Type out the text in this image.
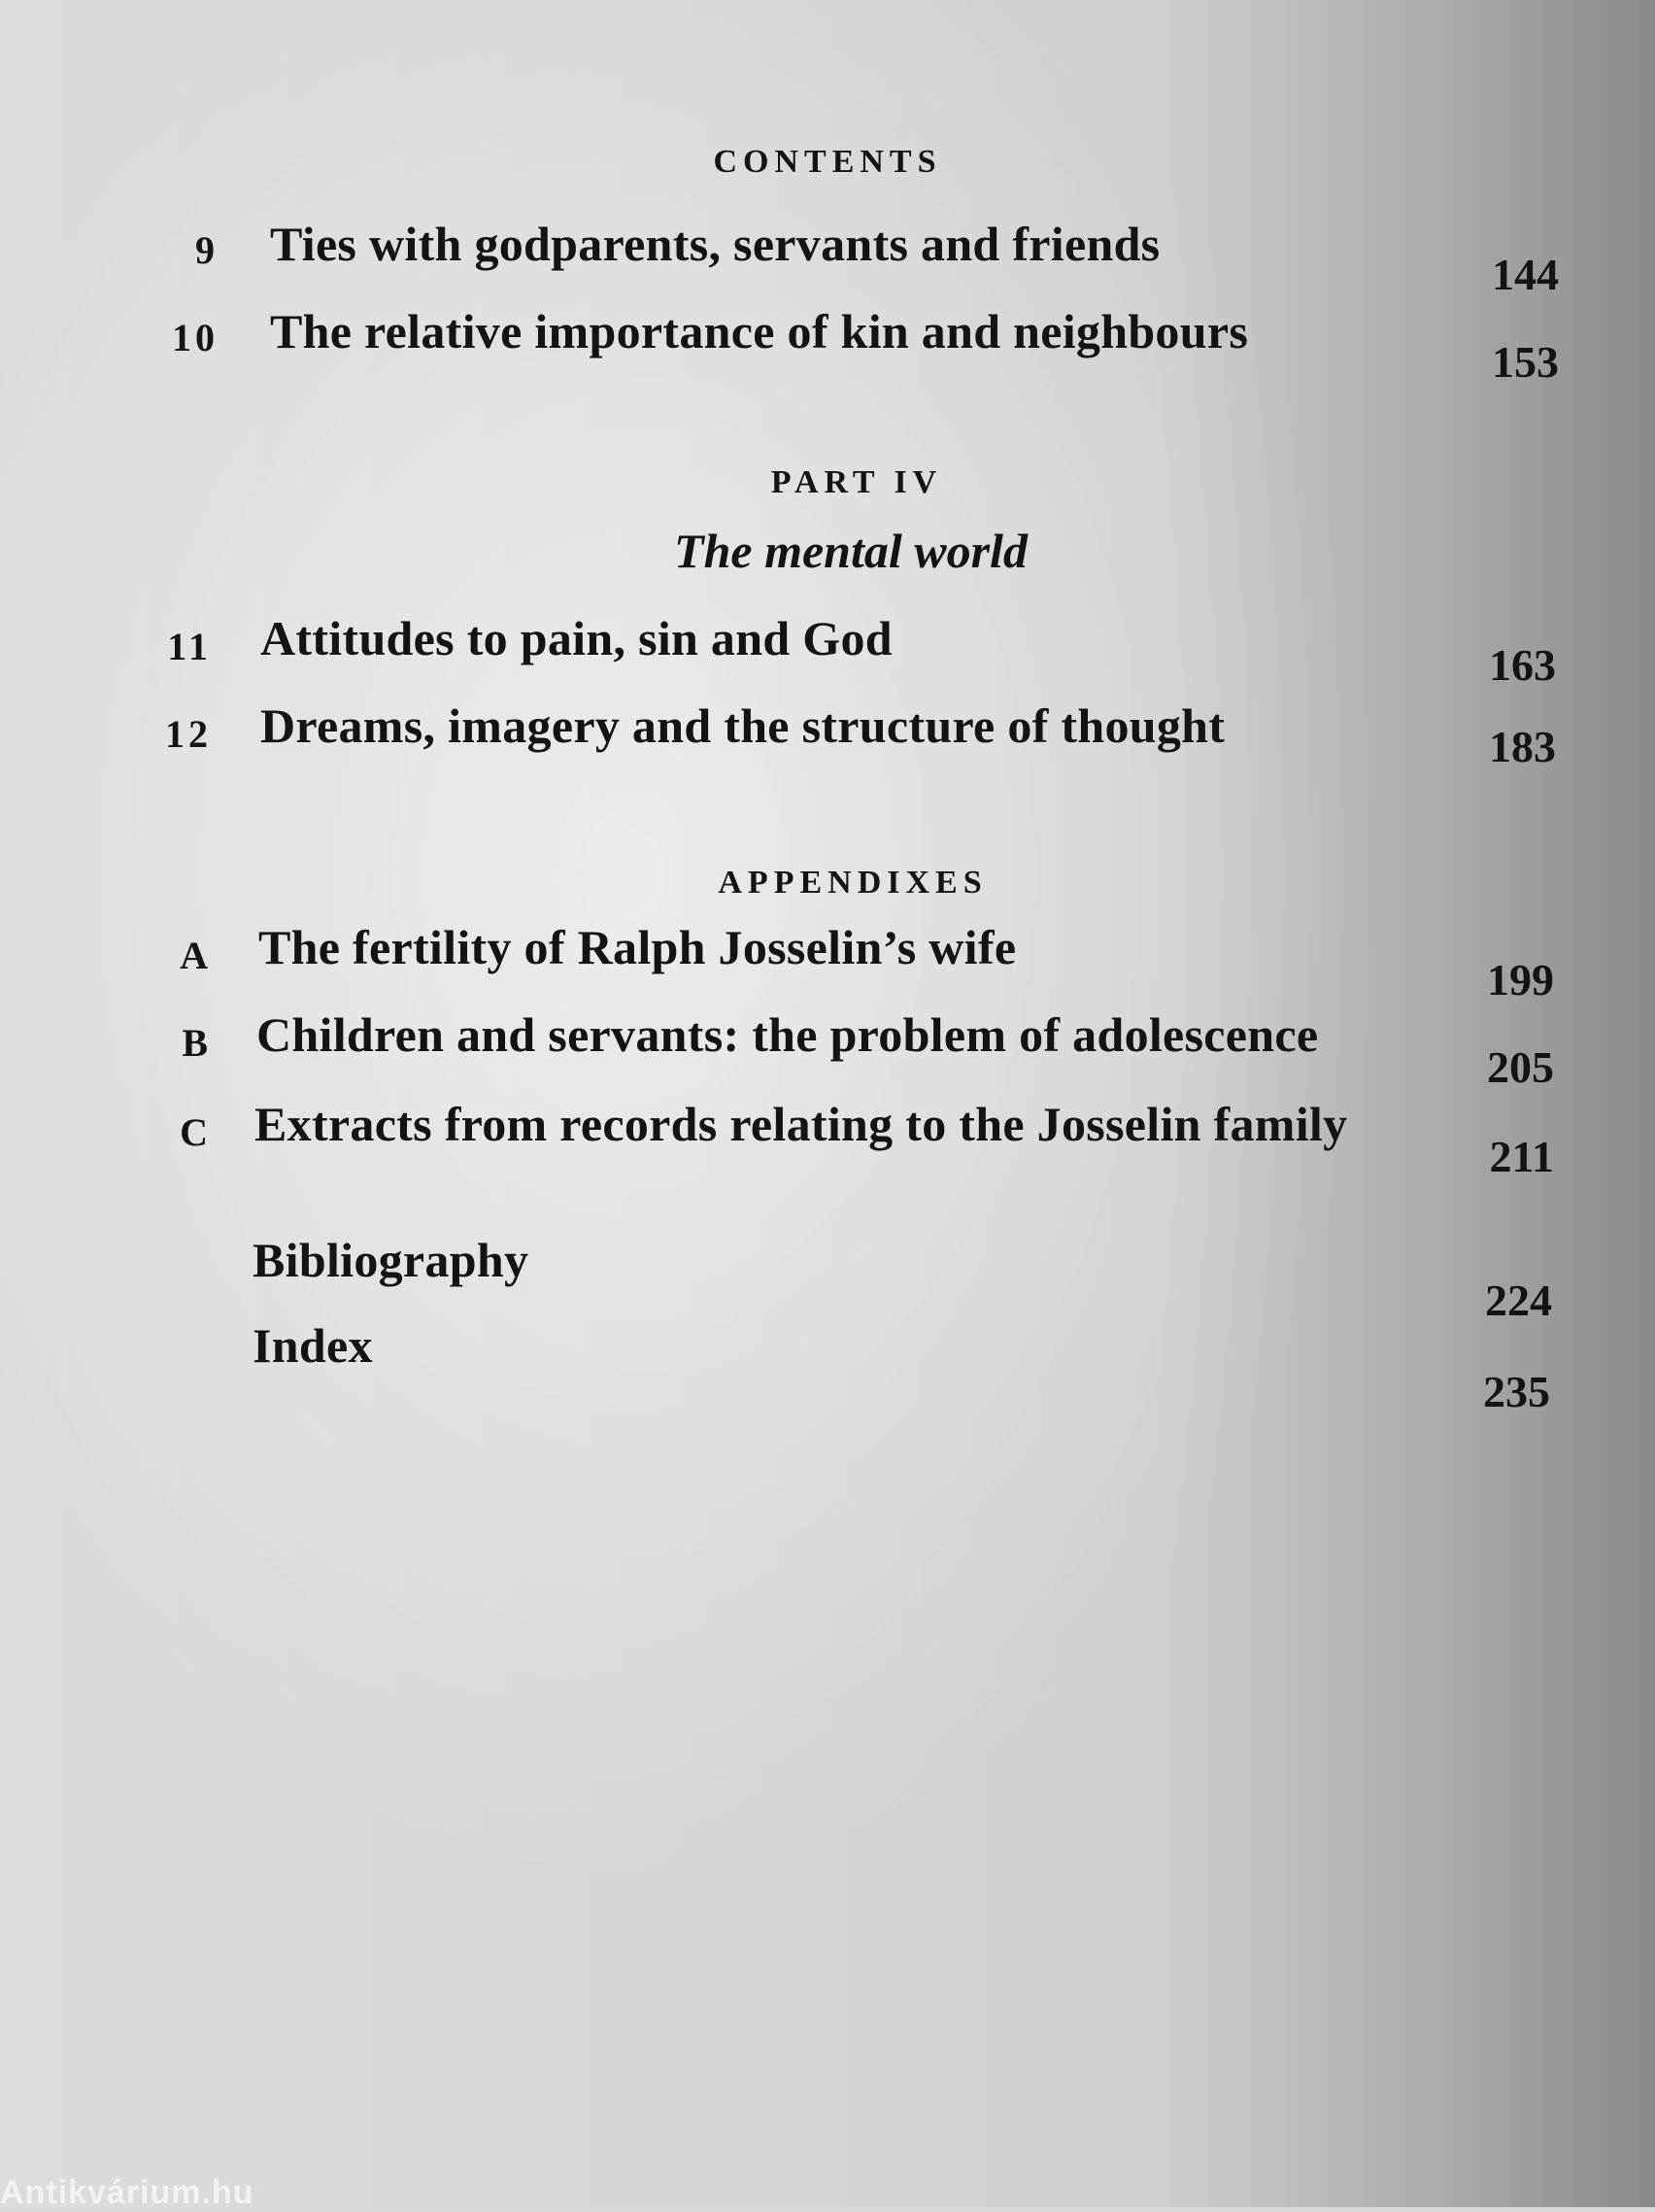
CONTENTS
9 Ties with godparents, servants and friends
144
10 The relative importance of kin and neighbours
153
PART IV
The mental world
11 Attitudes to pain, sin and God	163
12 Dreams, imagery and the structure of thought	183
APPENDIXES
A The fertility of Ralph Josselin’s wife
199
B Children and servants: the problem of adolescence
205
C Extracts from records relating to the Josselin family
211
Bibliography
224
Index
235
Antikvárium.hu
